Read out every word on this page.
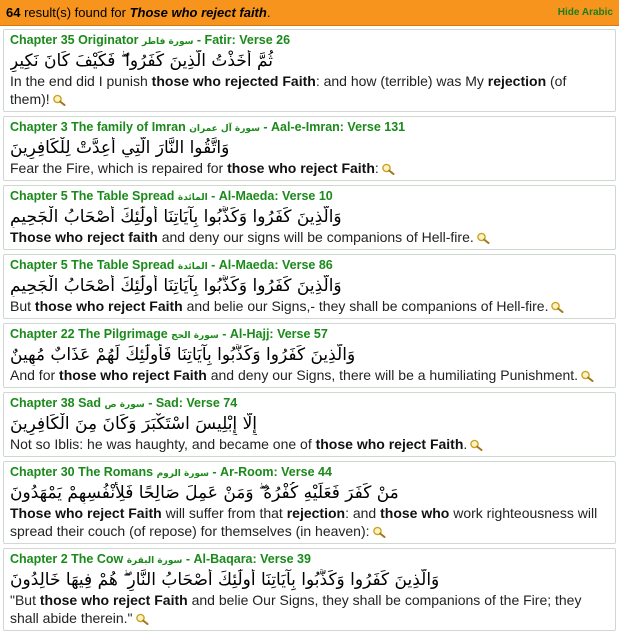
64 result(s) found for Those who reject faith.	Hide Arabic
Chapter 35 Originator سورة فاطر - Fatir: Verse 26
ثُمَّ أَخَذْتُ الَّذِينَ كَفَرُوا ۖ فَكَيْفَ كَانَ نَكِيرِ
In the end did I punish those who rejected Faith: and how (terrible) was My rejection (of them)!
Chapter 3 The family of Imran سورة آل عمران - Aal-e-Imran: Verse 131
وَاتَّقُوا النَّارَ الَّتِي أُعِدَّتْ لِلْكَافِرِينَ
Fear the Fire, which is repaired for those who reject Faith:
Chapter 5 The Table Spread المائدة - Al-Maeda: Verse 10
وَالَّذِينَ كَفَرُوا وَكَذَّبُوا بِآيَاتِنَا أُولَٰئِكَ أَصْحَابُ الْجَحِيمِ
Those who reject faith and deny our signs will be companions of Hell-fire.
Chapter 5 The Table Spread المائدة - Al-Maeda: Verse 86
وَالَّذِينَ كَفَرُوا وَكَذَّبُوا بِآيَاتِنَا أُولَٰئِكَ أَصْحَابُ الْجَحِيمِ
But those who reject Faith and belie our Signs,- they shall be companions of Hell-fire.
Chapter 22 The Pilgrimage سورة الحج - Al-Hajj: Verse 57
وَالَّذِينَ كَفَرُوا وَكَذَّبُوا بِآيَاتِنَا فَأُولَٰئِكَ لَهُمْ عَذَابٌ مُهِينٌ
And for those who reject Faith and deny our Signs, there will be a humiliating Punishment.
Chapter 38 Sad سورة ص - Sad: Verse 74
إِلَّا إِبْلِيسَ اسْتَكْبَرَ وَكَانَ مِنَ الْكَافِرِينَ
Not so Iblis: he was haughty, and became one of those who reject Faith.
Chapter 30 The Romans سورة الروم - Ar-Room: Verse 44
مَنْ كَفَرَ فَعَلَيْهِ كُفْرُهُ ۖ وَمَنْ عَمِلَ صَالِحًا فَلِأَنْفُسِهِمْ يَمْهَدُونَ
Those who reject Faith will suffer from that rejection: and those who work righteousness will spread their couch (of repose) for themselves (in heaven):
Chapter 2 The Cow سورة البقرة - Al-Baqara: Verse 39
وَالَّذِينَ كَفَرُوا وَكَذَّبُوا بِآيَاتِنَا أُولَٰئِكَ أَصْحَابُ النَّارِ ۖ هُمْ فِيهَا خَالِدُونَ
"But those who reject Faith and belie Our Signs, they shall be companions of the Fire; they shall abide therein."
